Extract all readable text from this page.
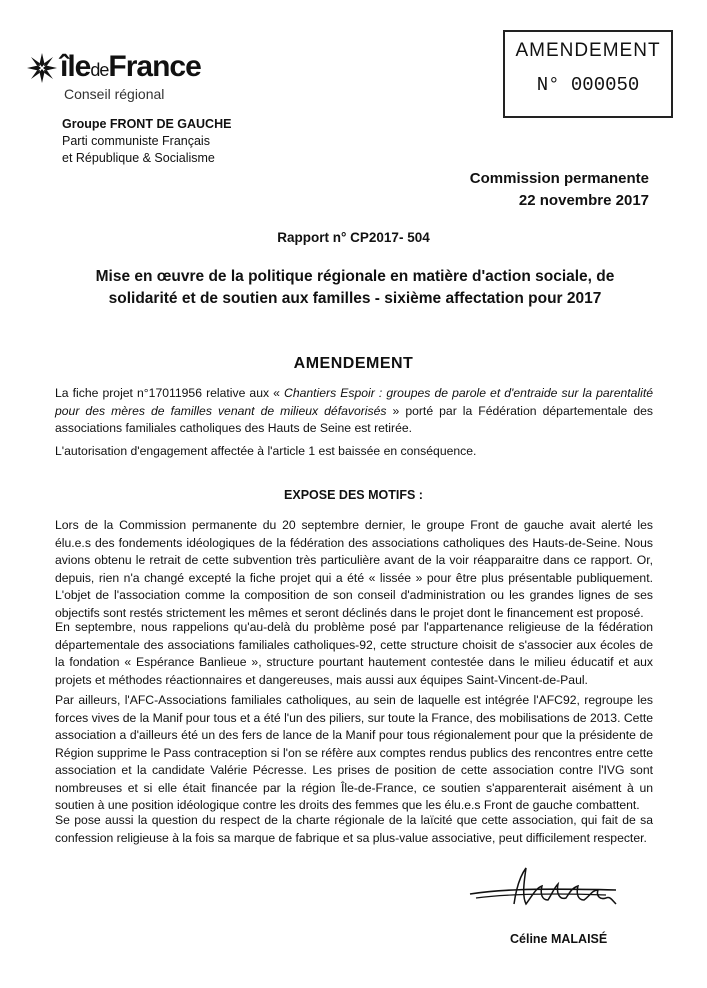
îledeFrance
Conseil régional
Groupe FRONT DE GAUCHE
Parti communiste Français
et République & Socialisme
AMENDEMENT
N° 000050
Commission permanente
22 novembre 2017
Rapport n° CP2017- 504
Mise en œuvre de la politique régionale en matière d'action sociale, de solidarité et de soutien aux familles - sixième affectation pour 2017
AMENDEMENT
La fiche projet n°17011956 relative aux « Chantiers Espoir : groupes de parole et d'entraide sur la parentalité pour des mères de familles venant de milieux défavorisés » porté par la Fédération départementale des associations familiales catholiques des Hauts de Seine est retirée.
L'autorisation d'engagement affectée à l'article 1 est baissée en conséquence.
EXPOSE DES MOTIFS :
Lors de la Commission permanente du 20 septembre dernier, le groupe Front de gauche avait alerté les élu.e.s des fondements idéologiques de la fédération des associations catholiques des Hauts-de-Seine. Nous avions obtenu le retrait de cette subvention très particulière avant de la voir réapparaitre dans ce rapport. Or, depuis, rien n'a changé excepté la fiche projet qui a été « lissée » pour être plus présentable publiquement. L'objet de l'association comme la composition de son conseil d'administration ou les grandes lignes de ses objectifs sont restés strictement les mêmes et seront déclinés dans le projet dont le financement est proposé.
En septembre, nous rappelions qu'au-delà du problème posé par l'appartenance religieuse de la fédération départementale des associations familiales catholiques-92, cette structure choisit de s'associer aux écoles de la fondation « Espérance Banlieue », structure pourtant hautement contestée dans le milieu éducatif et aux projets et méthodes réactionnaires et dangereuses, mais aussi aux équipes Saint-Vincent-de-Paul.
Par ailleurs, l'AFC-Associations familiales catholiques, au sein de laquelle est intégrée l'AFC92, regroupe les forces vives de la Manif pour tous et a été l'un des piliers, sur toute la France, des mobilisations de 2013. Cette association a d'ailleurs été un des fers de lance de la Manif pour tous régionalement pour que la présidente de Région supprime le Pass contraception si l'on se réfère aux comptes rendus publics des rencontres entre cette association et la candidate Valérie Pécresse. Les prises de position de cette association contre l'IVG sont nombreuses et si elle était financée par la région Île-de-France, ce soutien s'apparenterait aisément à un soutien à une position idéologique contre les droits des femmes que les élu.e.s Front de gauche combattent.
Se pose aussi la question du respect de la charte régionale de la laïcité que cette association, qui fait de sa confession religieuse à la fois sa marque de fabrique et sa plus-value associative, peut difficilement respecter.
Céline MALAISÉ
